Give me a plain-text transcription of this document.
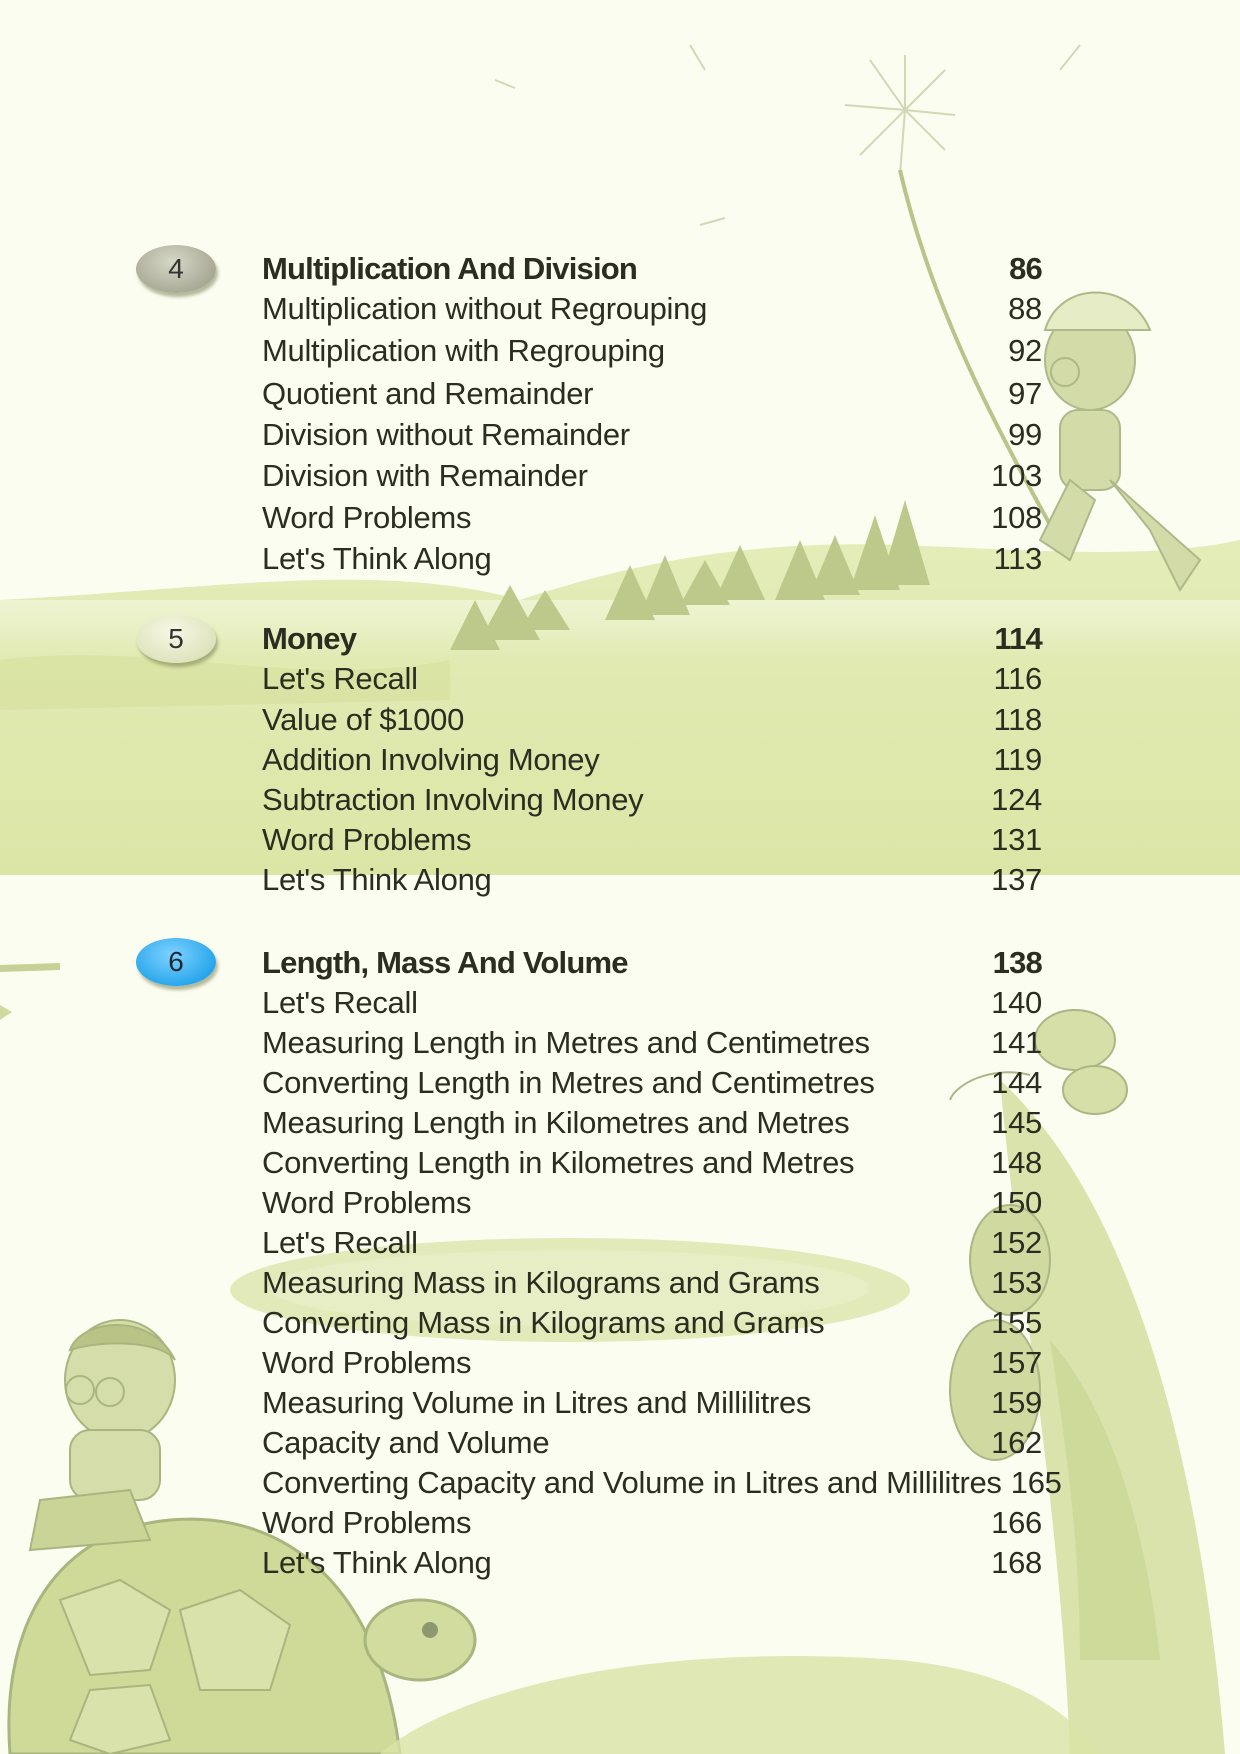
4	Multiplication And Division	86
Multiplication without Regrouping	88
Multiplication with Regrouping	92
Quotient and Remainder	97
Division without Remainder	99
Division with Remainder	103
Word Problems	108
Let's Think Along	113
5	Money	114
Let's Recall	116
Value of $1000	118
Addition Involving Money	119
Subtraction Involving Money	124
Word Problems	131
Let's Think Along	137
6	Length, Mass And Volume	138
Let's Recall	140
Measuring Length in Metres and Centimetres	141
Converting Length in Metres and Centimetres	144
Measuring Length in Kilometres and Metres	145
Converting Length in Kilometres and Metres	148
Word Problems	150
Let's Recall	152
Measuring Mass in Kilograms and Grams	153
Converting Mass in Kilograms and Grams	155
Word Problems	157
Measuring Volume in Litres and Millilitres	159
Capacity and Volume	162
Converting Capacity and Volume in Litres and Millilitres 165
Word Problems	166
Let's Think Along	168
